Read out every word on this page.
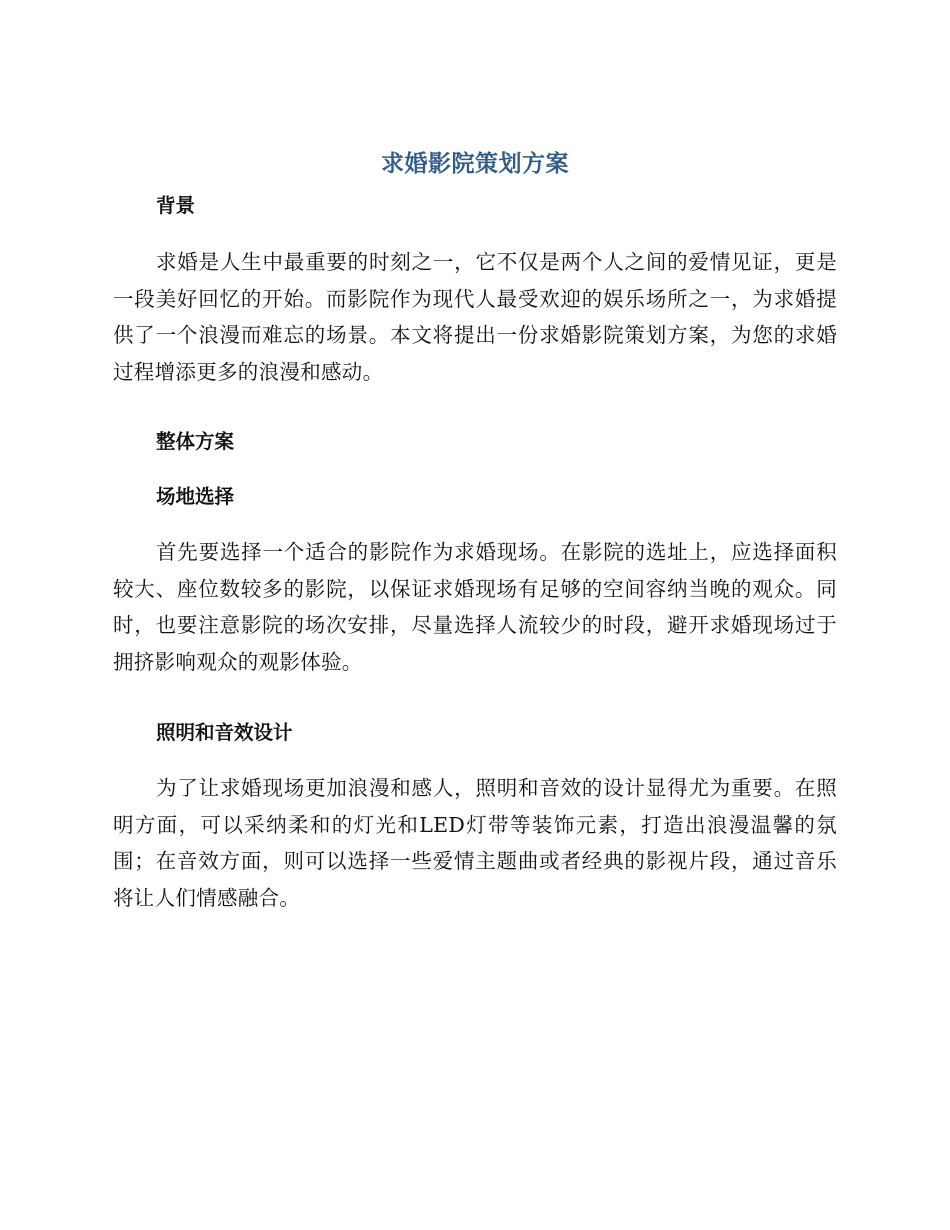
求婚影院策划方案
背景

求婚是人生中最重要的时刻之一，它不仅是两个人之间的爱情见证，更是一段美好回忆的开始。而影院作为现代人最受欢迎的娱乐场所之一，为求婚提供了一个浪漫而难忘的场景。本文将提出一份求婚影院策划方案，为您的求婚过程增添更多的浪漫和感动。

整体方案
场地选择

首先要选择一个适合的影院作为求婚现场。在影院的选址上，应选择面积较大、座位数较多的影院，以保证求婚现场有足够的空间容纳当晚的观众。同时，也要注意影院的场次安排，尽量选择人流较少的时段，避开求婚现场过于拥挤影响观众的观影体验。

照明和音效设计

为了让求婚现场更加浪漫和感人，照明和音效的设计显得尤为重要。在照明方面，可以采纳柔和的灯光和LED灯带等装饰元素，打造出浪漫温馨的氛围；在音效方面，则可以选择一些爱情主题曲或者经典的影视片段，通过音乐将让人们情感融合。
